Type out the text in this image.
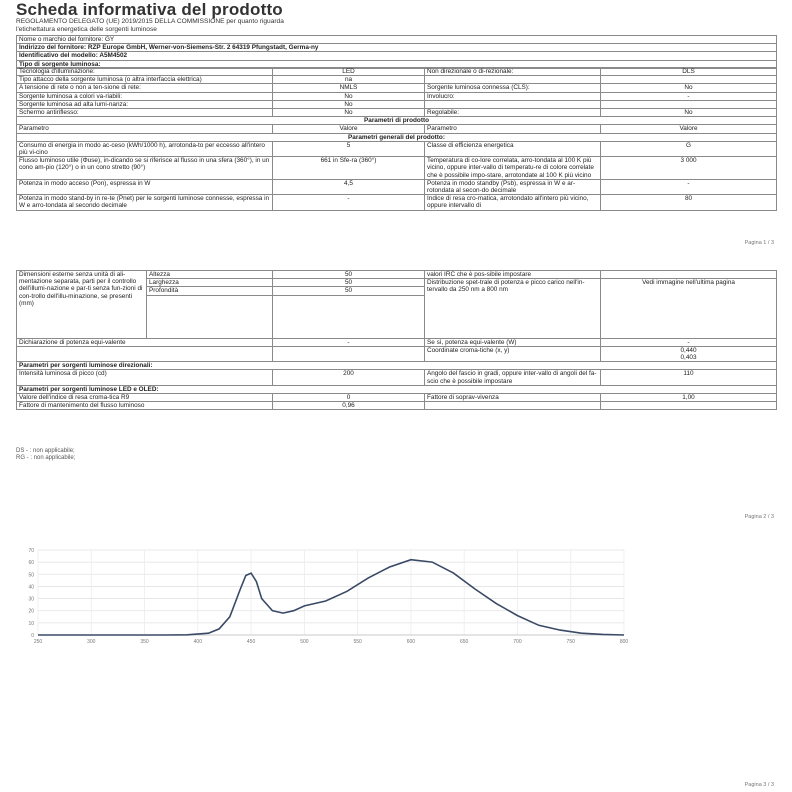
Scheda informativa del prodotto
REGOLAMENTO DELEGATO (UE) 2019/2015 DELLA COMMISSIONE per quanto riguarda
l'etichettatura energetica delle sorgenti luminose
Nome o marchio del fornitore: GY
Indirizzo del fornitore: RZP Europe GmbH, Werner-von-Siemens-Str. 2 64319 Pfungstadt, Germa-ny
Identificativo del modello: A5M4502
Tipo di sorgente luminosa:
Tecnologia d'illuminazione:	LED	Non direzionale o di-rezionale:	DLS
Tipo attacco della sorgente luminosa (o altra interfaccia elettrica)	na		
A tensione di rete o non a ten-sione di rete:	NMLS	Sorgente luminosa connessa (CLS):	No
Sorgente luminosa a colori va-riabili:	No	Involucro:	-
Sorgente luminosa ad alta lumi-nanza:	No		
Schermo antiriflesso:	No	Regolabile:	No
Parametri di prodotto			
Parametro	Valore	Parametro	Valore
Parametri generali del prodotto:			
Consumo di energia in modo ac-ceso (kWh/1000 h), arrotonda-to per eccesso all'intero più vi-cino	5	Classe di efficienza energetica	G
Flusso luminoso utile (Φuse), in-dicando se si riferisce al flusso in una sfera (360°), in un cono am-pio (120°) o in un cono stretto (90°)	661 in Sfe-ra (360°)	Temperatura di co-lore correlata, arro-tondata al 100 K più vicino, oppure inter-vallo di temperatu-re di colore correlate che è possibile impo-stare, arrotondate al 100 K più vicino	3 000
Potenza in modo acceso (Pon), espressa in W	4,5	Potenza in modo standby (Psb), espressa in W e ar-rotondata al secon-do decimale	-
Potenza in modo stand-by in re-te (Pnet) per le sorgenti luminose connesse, espressa in W e arro-tondata al secondo decimale	-	Indice di resa cro-matica, arrotondato all'intero più vicino, oppure intervallo di	80
Pagina 1 / 3
Dimensioni esterne senza unità di ali-mentazione separata, parti per il controllo dell'illumi-nazione e par-ti senza fun-zioni di con-trollo dell'illu-minazione, se presenti (mm)	Altezza	50	valori IRC che è pos-sibile impostare	
	Larghezza	50	Distribuzione spet-trale di potenza e picco carico nell'in-tervallo da 250 nm a 800 nm	Vedi immagine nell'ultima pagina
	Profondità	50		

Dichiarazione di potenza equi-valente		-	Se sì, potenza equi-valente (W)	-
			Coordinate croma-tiche (x, y)	0,440
0,403

Parametri per sorgenti luminose direzionali:				
Intensità luminosa di picco (cd)		200	Angolo del fascio in gradi, oppure inter-vallo di angoli del fa-scio che è possibile impostare	110
Parametri per sorgenti luminose LED e OLED:				
Valore dell'indice di resa croma-tica R9		0	Fattore di soprav-vivenza	1,00
Fattore di mantenimento del flusso luminoso		0,96		
DS - : non applicabile;
RG - : non applicabile;
Pagina 2 / 3
0
10
20
30
40
50
60
70
250	300	350	400	450	500	550	600	650	700	750	800
Pagina 3 / 3
